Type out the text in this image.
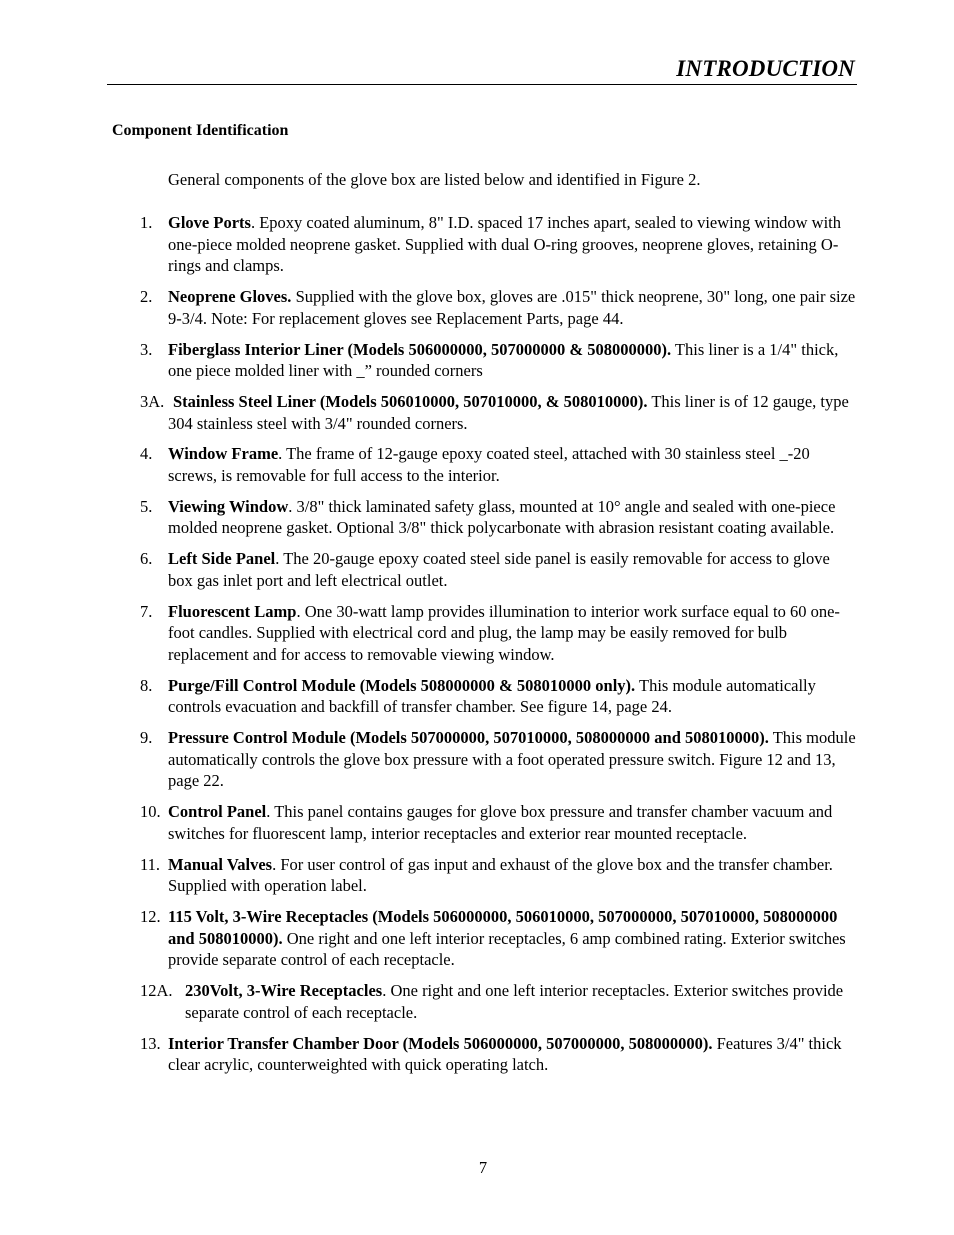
INTRODUCTION
Component Identification
General components of the glove box are listed below and identified in Figure 2.
1. Glove Ports. Epoxy coated aluminum, 8" I.D. spaced 17 inches apart, sealed to viewing window with one-piece molded neoprene gasket. Supplied with dual O-ring grooves, neoprene gloves, retaining O-rings and clamps.
2. Neoprene Gloves. Supplied with the glove box, gloves are .015" thick neoprene, 30" long, one pair size 9-3/4. Note: For replacement gloves see Replacement Parts, page 44.
3. Fiberglass Interior Liner (Models 506000000, 507000000 & 508000000). This liner is a 1/4" thick, one piece molded liner with _” rounded corners
3A. Stainless Steel Liner (Models 506010000, 507010000, & 508010000). This liner is of 12 gauge, type 304 stainless steel with 3/4" rounded corners.
4. Window Frame. The frame of 12-gauge epoxy coated steel, attached with 30 stainless steel _-20 screws, is removable for full access to the interior.
5. Viewing Window. 3/8" thick laminated safety glass, mounted at 10° angle and sealed with one-piece molded neoprene gasket. Optional 3/8" thick polycarbonate with abrasion resistant coating available.
6. Left Side Panel. The 20-gauge epoxy coated steel side panel is easily removable for access to glove box gas inlet port and left electrical outlet.
7. Fluorescent Lamp. One 30-watt lamp provides illumination to interior work surface equal to 60 one-foot candles. Supplied with electrical cord and plug, the lamp may be easily removed for bulb replacement and for access to removable viewing window.
8. Purge/Fill Control Module (Models 508000000 & 508010000 only). This module automatically controls evacuation and backfill of transfer chamber. See figure 14, page 24.
9. Pressure Control Module (Models 507000000, 507010000, 508000000 and 508010000). This module automatically controls the glove box pressure with a foot operated pressure switch. Figure 12 and 13, page 22.
10. Control Panel. This panel contains gauges for glove box pressure and transfer chamber vacuum and switches for fluorescent lamp, interior receptacles and exterior rear mounted receptacle.
11. Manual Valves. For user control of gas input and exhaust of the glove box and the transfer chamber. Supplied with operation label.
12. 115 Volt, 3-Wire Receptacles (Models 506000000, 506010000, 507000000, 507010000, 508000000 and 508010000). One right and one left interior receptacles, 6 amp combined rating. Exterior switches provide separate control of each receptacle.
12A. 230Volt, 3-Wire Receptacles. One right and one left interior receptacles. Exterior switches provide separate control of each receptacle.
13. Interior Transfer Chamber Door (Models 506000000, 507000000, 508000000). Features 3/4" thick clear acrylic, counterweighted with quick operating latch.
7
